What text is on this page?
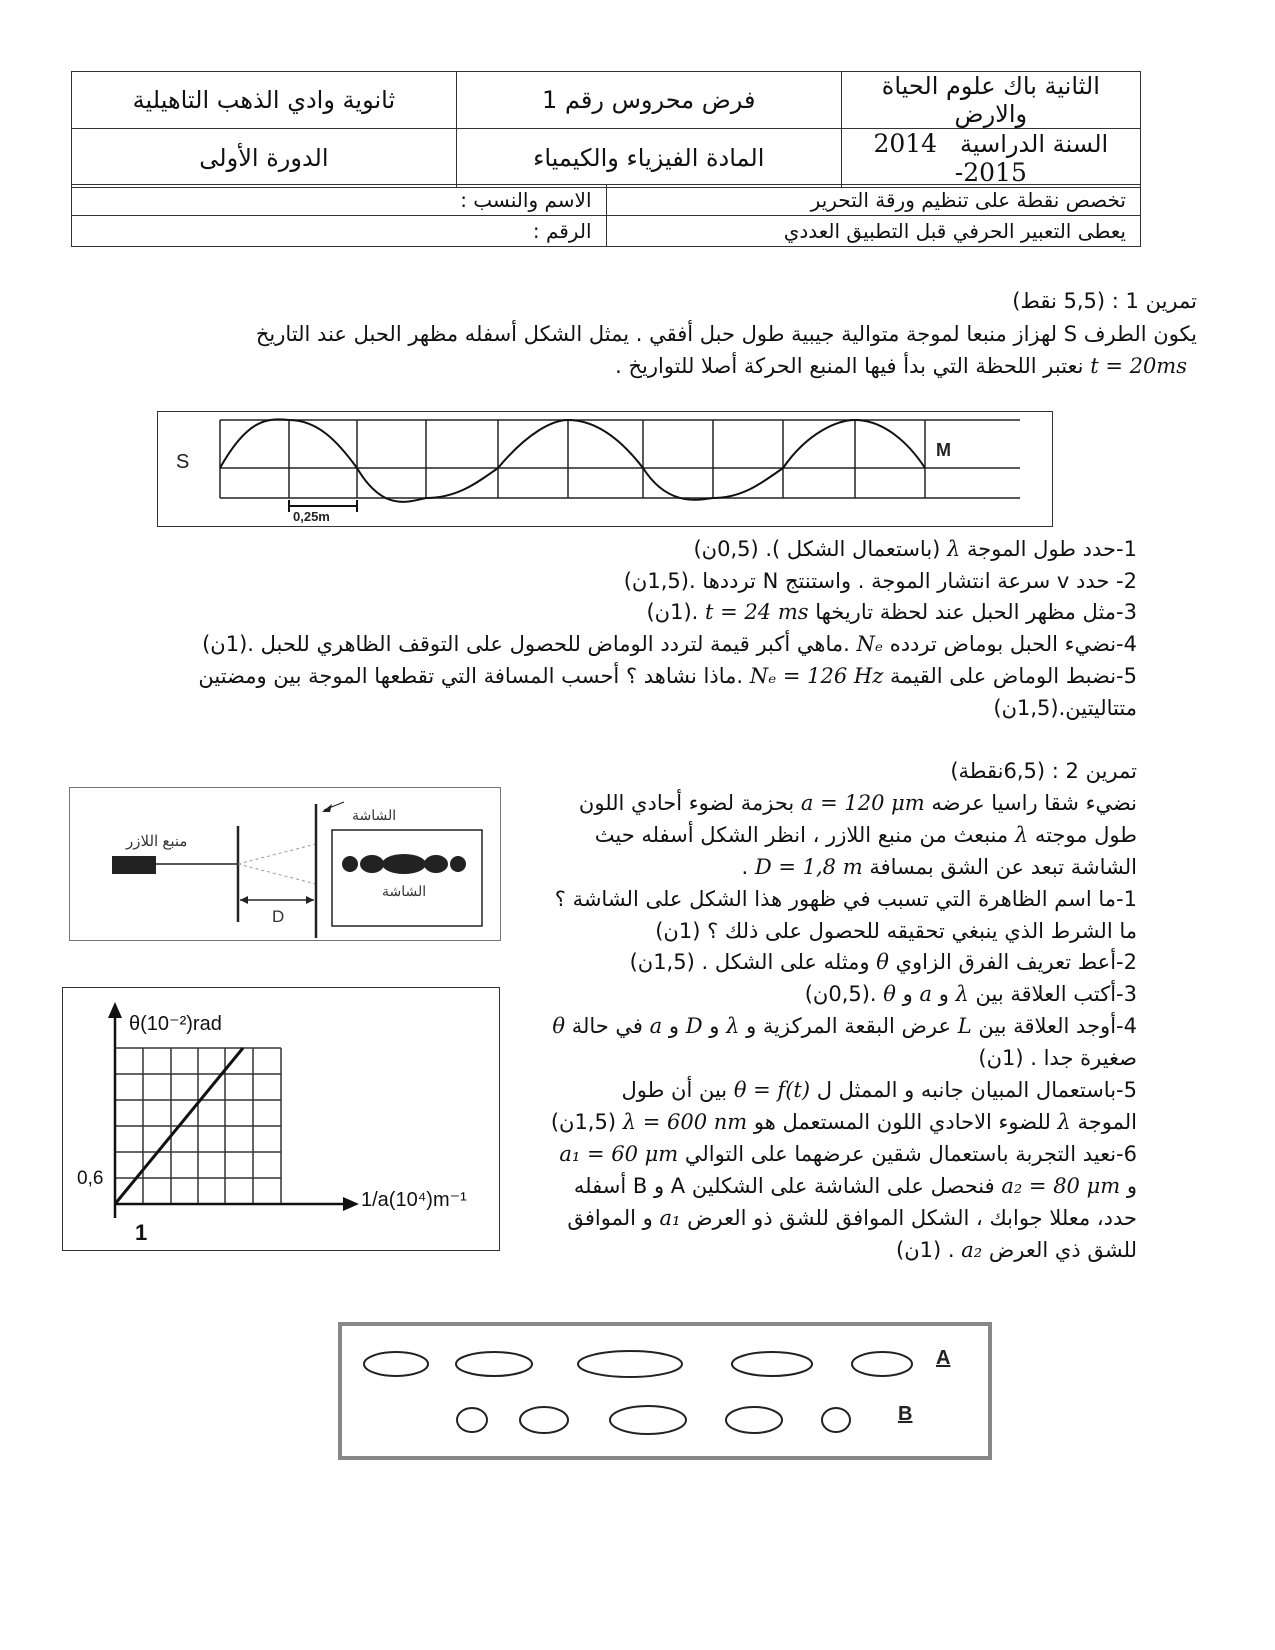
ثانوية وادي الذهب التاهيلية	فرض محروس رقم 1	الثانية باك علوم الحياة والارض
الدورة الأولى	المادة الفيزياء والكيمياء	السنة الدراسية   2014 -2015
الاسم والنسب :	تخصص نقطة على تنظيم ورقة التحرير
الرقم :	يعطى التعبير الحرفي قبل التطبيق العددي
تمرين 1 : (5,5 نقط)
يكون الطرف S لهزاز منبعا لموجة متوالية جيبية طول حبل أفقي . يمثل الشكل أسفله مظهر الحبل عند التاريخ
t = 20ms نعتبر اللحظة التي بدأ فيها المنبع الحركة أصلا للتواريخ .
S
M
0,25m
1-حدد طول الموجة λ (باستعمال الشكل ). (0,5ن)
2- حدد v سرعة انتشار الموجة . واستنتج N ترددها .(1,5ن)
3-مثل مظهر الحبل عند لحظة تاريخها t = 24 ms .(1ن)
4-نضيء الحبل بوماض تردده Nₑ .ماهي أكبر قيمة لتردد الوماض للحصول على التوقف الظاهري للحبل .(1ن)
5-نضبط الوماض على القيمة Nₑ = 126 Hz .ماذا نشاهد ؟ أحسب المسافة التي تقطعها الموجة بين ومضتين
متتاليتين.(1,5ن)
تمرين 2 : (6,5نقطة)
نضيء شقا راسيا عرضه a = 120 μm بحزمة لضوء أحادي اللون
طول موجته λ منبعث من منبع اللازر ، انظر الشكل أسفله حيث
الشاشة تبعد عن الشق بمسافة D = 1,8 m .
1-ما اسم الظاهرة التي تسبب في ظهور هذا الشكل على الشاشة ؟
ما الشرط الذي ينبغي تحقيقه للحصول على ذلك ؟ (1ن)
2-أعط تعريف الفرق الزاوي θ ومثله على الشكل . (1,5ن)
3-أكتب العلاقة بين λ و a و θ .(0,5ن)
4-أوجد العلاقة بين L عرض البقعة المركزية و λ و D و a في حالة θ
صغيرة جدا . (1ن)
5-باستعمال المبيان جانبه و الممثل ل θ = f(t) بين أن طول
الموجة λ للضوء الاحادي اللون المستعمل هو λ = 600 nm (1,5ن)
6-نعيد التجربة باستعمال شقين عرضهما على التوالي a₁ = 60 μm
و a₂ = 80 μm فنحصل على الشاشة على الشكلين A و B أسفله
حدد، معللا جوابك ، الشكل الموافق للشق ذو العرض a₁ و الموافق
للشق ذي العرض a₂ . (1ن)
الشاشة
الشاشة
منبع اللازر
D
θ(10⁻²)rad
1/a(10⁴)m⁻¹
0,6
1
A
B
